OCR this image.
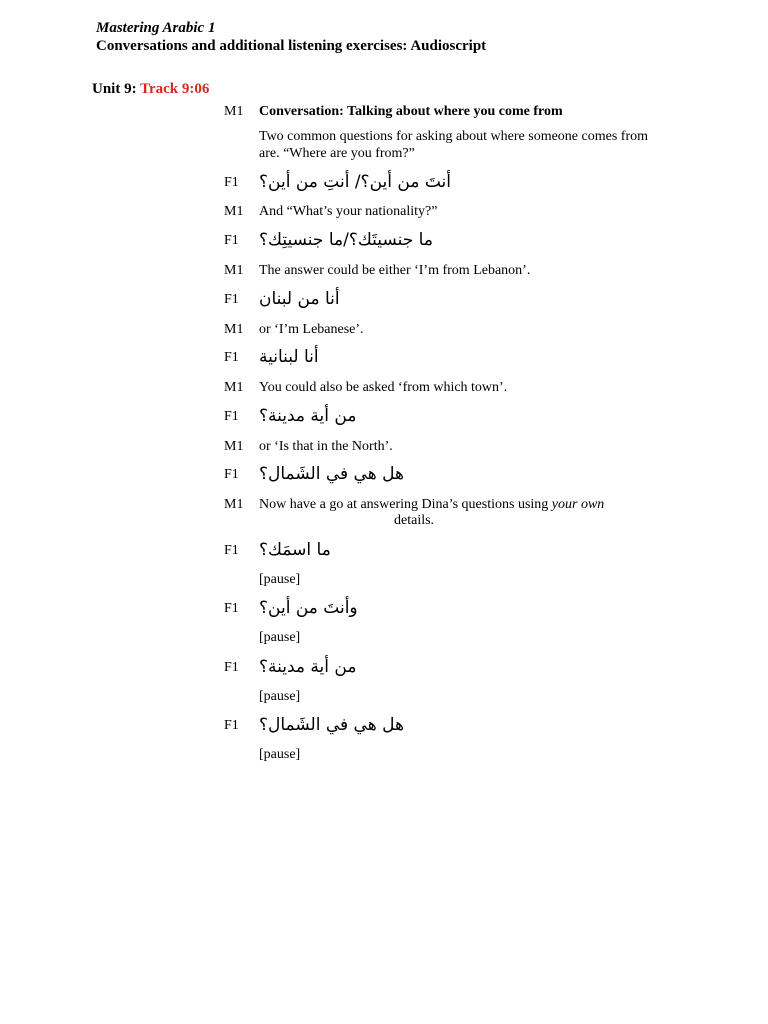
Mastering Arabic 1
Conversations and additional listening exercises: Audioscript
Unit 9: Track 9:06
M1 Conversation: Talking about where you come from
Two common questions for asking about where someone comes from are. “Where are you from?”
F1 أنتَ من أين؟/ أنتِ من أين؟
M1 And “What’s your nationality?”
F1 ما جنسيتَك؟/ما جنسيتِك؟
M1 The answer could be either ‘I’m from Lebanon’.
F1 أنا من لبنان
M1 or ‘I’m Lebanese’.
F1 أنا لبنانية
M1 You could also be asked ‘from which town’.
F1 من أية مدينة؟
M1 or ‘Is that in the North’.
F1 هل هي في الشَمال؟
M1 Now have a go at answering Dina’s questions using your own
details.
F1 ما اسمَك؟
[pause]
F1 وأنتَ من أين؟
[pause]
F1 من أية مدينة؟
[pause]
F1 هل هي في الشَمال؟
[pause]
